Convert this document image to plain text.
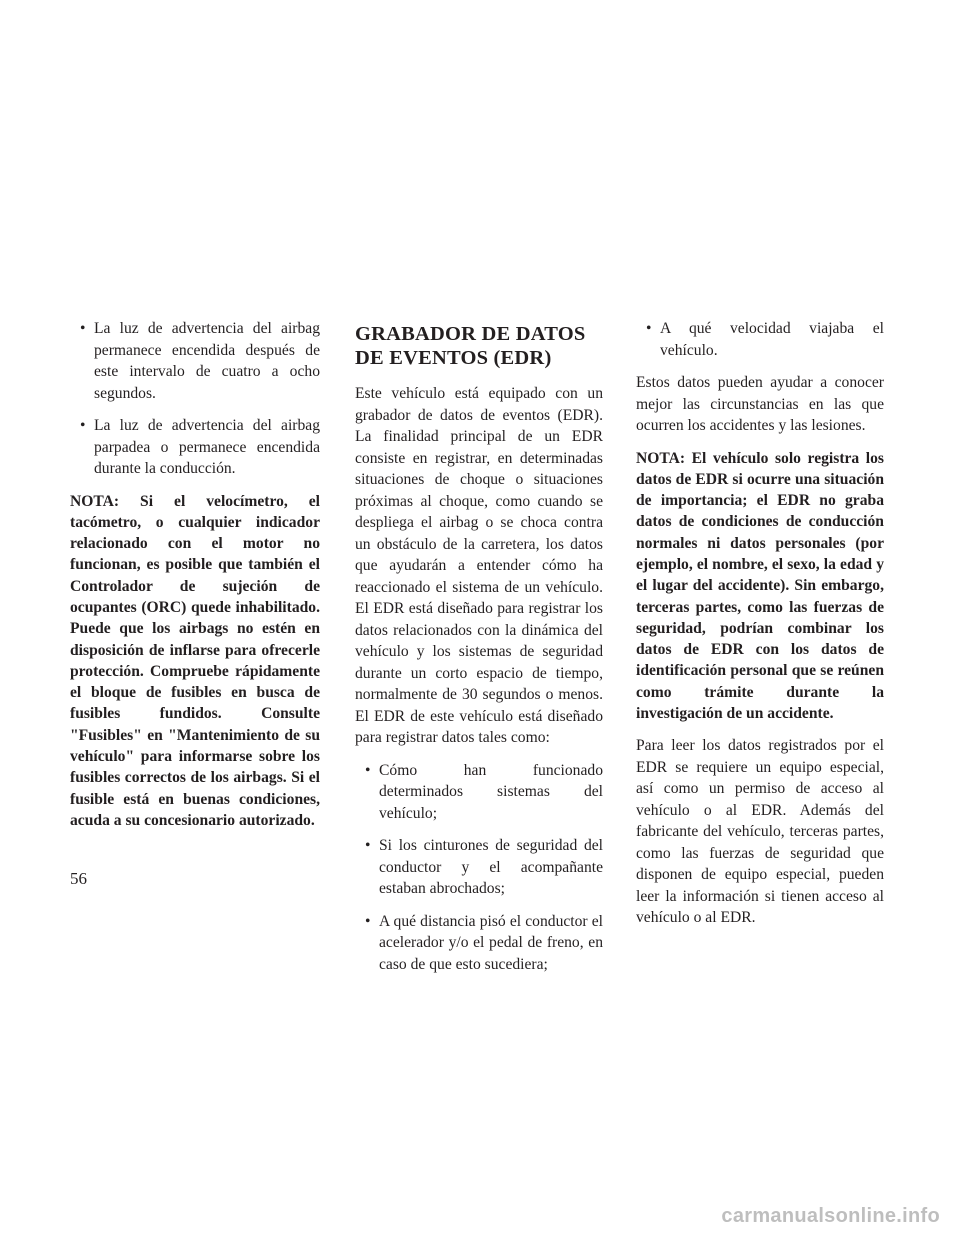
• La luz de advertencia del airbag permanece encendida después de este intervalo de cuatro a ocho segundos.
• La luz de advertencia del airbag parpadea o permanece encendida durante la conducción.
NOTA: Si el velocímetro, el tacómetro, o cualquier indicador relacionado con el motor no funcionan, es posible que también el Controlador de sujeción de ocupantes (ORC) quede inhabilitado. Puede que los airbags no estén en disposición de inflarse para ofrecerle protección. Compruebe rápidamente el bloque de fusibles en busca de fusibles fundidos. Consulte "Fusibles" en "Mantenimiento de su vehículo" para informarse sobre los fusibles correctos de los airbags. Si el fusible está en buenas condiciones, acuda a su concesionario autorizado.
GRABADOR DE DATOS DE EVENTOS (EDR)
Este vehículo está equipado con un grabador de datos de eventos (EDR). La finalidad principal de un EDR consiste en registrar, en determinadas situaciones de choque o situaciones próximas al choque, como cuando se despliega el airbag o se choca contra un obstáculo de la carretera, los datos que ayudarán a entender cómo ha reaccionado el sistema de un vehículo. El EDR está diseñado para registrar los datos relacionados con la dinámica del vehículo y los sistemas de seguridad durante un corto espacio de tiempo, normalmente de 30 segundos o menos. El EDR de este vehículo está diseñado para registrar datos tales como:
• Cómo han funcionado determinados sistemas del vehículo;
• Si los cinturones de seguridad del conductor y el acompañante estaban abrochados;
• A qué distancia pisó el conductor el acelerador y/o el pedal de freno, en caso de que esto sucediera;
• A qué velocidad viajaba el vehículo.
Estos datos pueden ayudar a conocer mejor las circunstancias en las que ocurren los accidentes y las lesiones.
NOTA: El vehículo solo registra los datos de EDR si ocurre una situación de importancia; el EDR no graba datos de condiciones de conducción normales ni datos personales (por ejemplo, el nombre, el sexo, la edad y el lugar del accidente). Sin embargo, terceras partes, como las fuerzas de seguridad, podrían combinar los datos de EDR con los datos de identificación personal que se reúnen como trámite durante la investigación de un accidente.
Para leer los datos registrados por el EDR se requiere un equipo especial, así como un permiso de acceso al vehículo o al EDR. Además del fabricante del vehículo, terceras partes, como las fuerzas de seguridad que disponen de equipo especial, pueden leer la información si tienen acceso al vehículo o al EDR.
56
carmanualsonline.info
